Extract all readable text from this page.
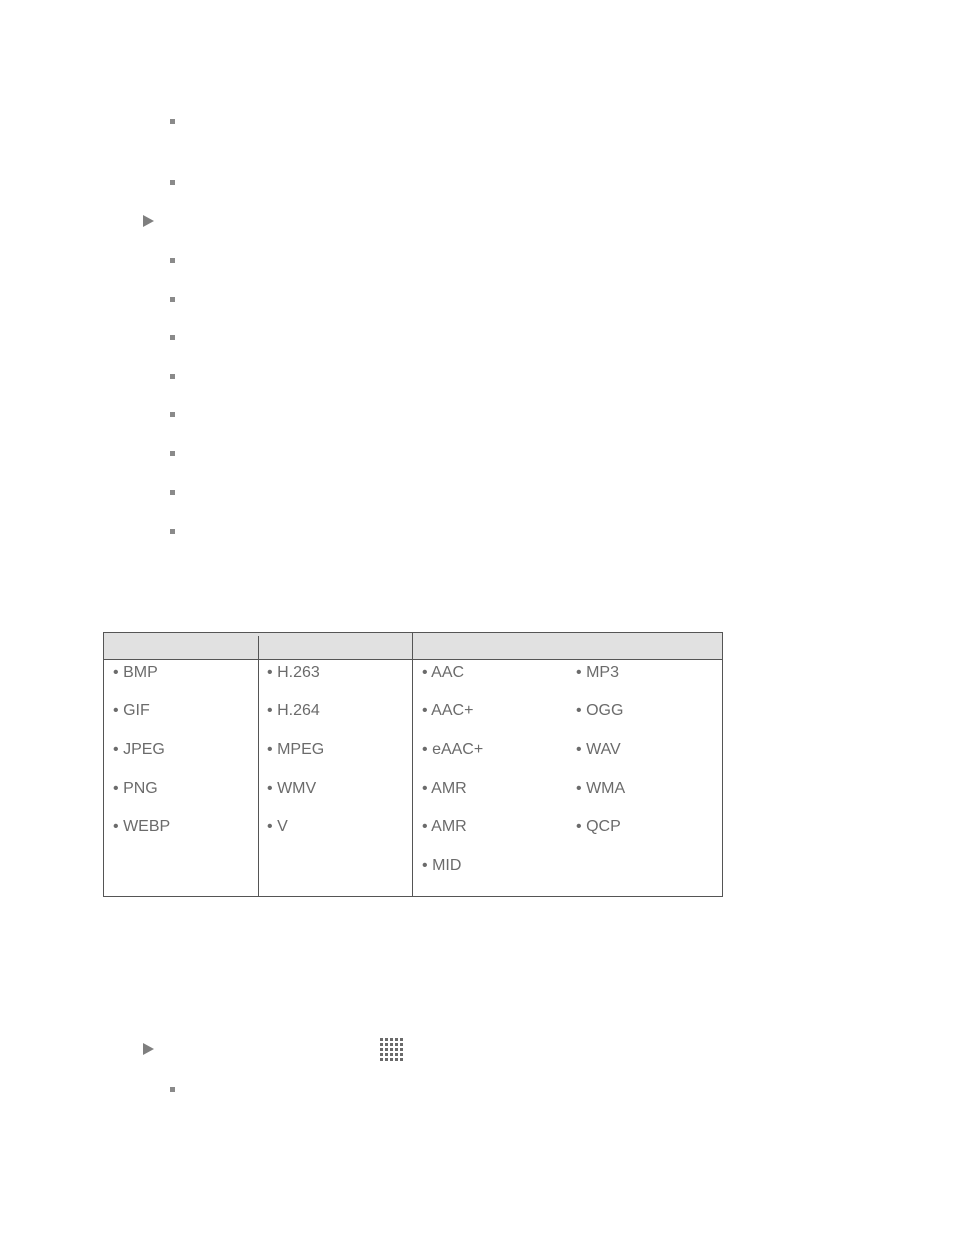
• BMP
• GIF
• JPEG
• PNG
• WEBP
• H.263
• H.264
• MPEG
• WMV
• V
• AAC
• AAC+
• eAAC+
• AMR
• AMR
• MID
• MP3
• OGG
• WAV
• WMA
• QCP
